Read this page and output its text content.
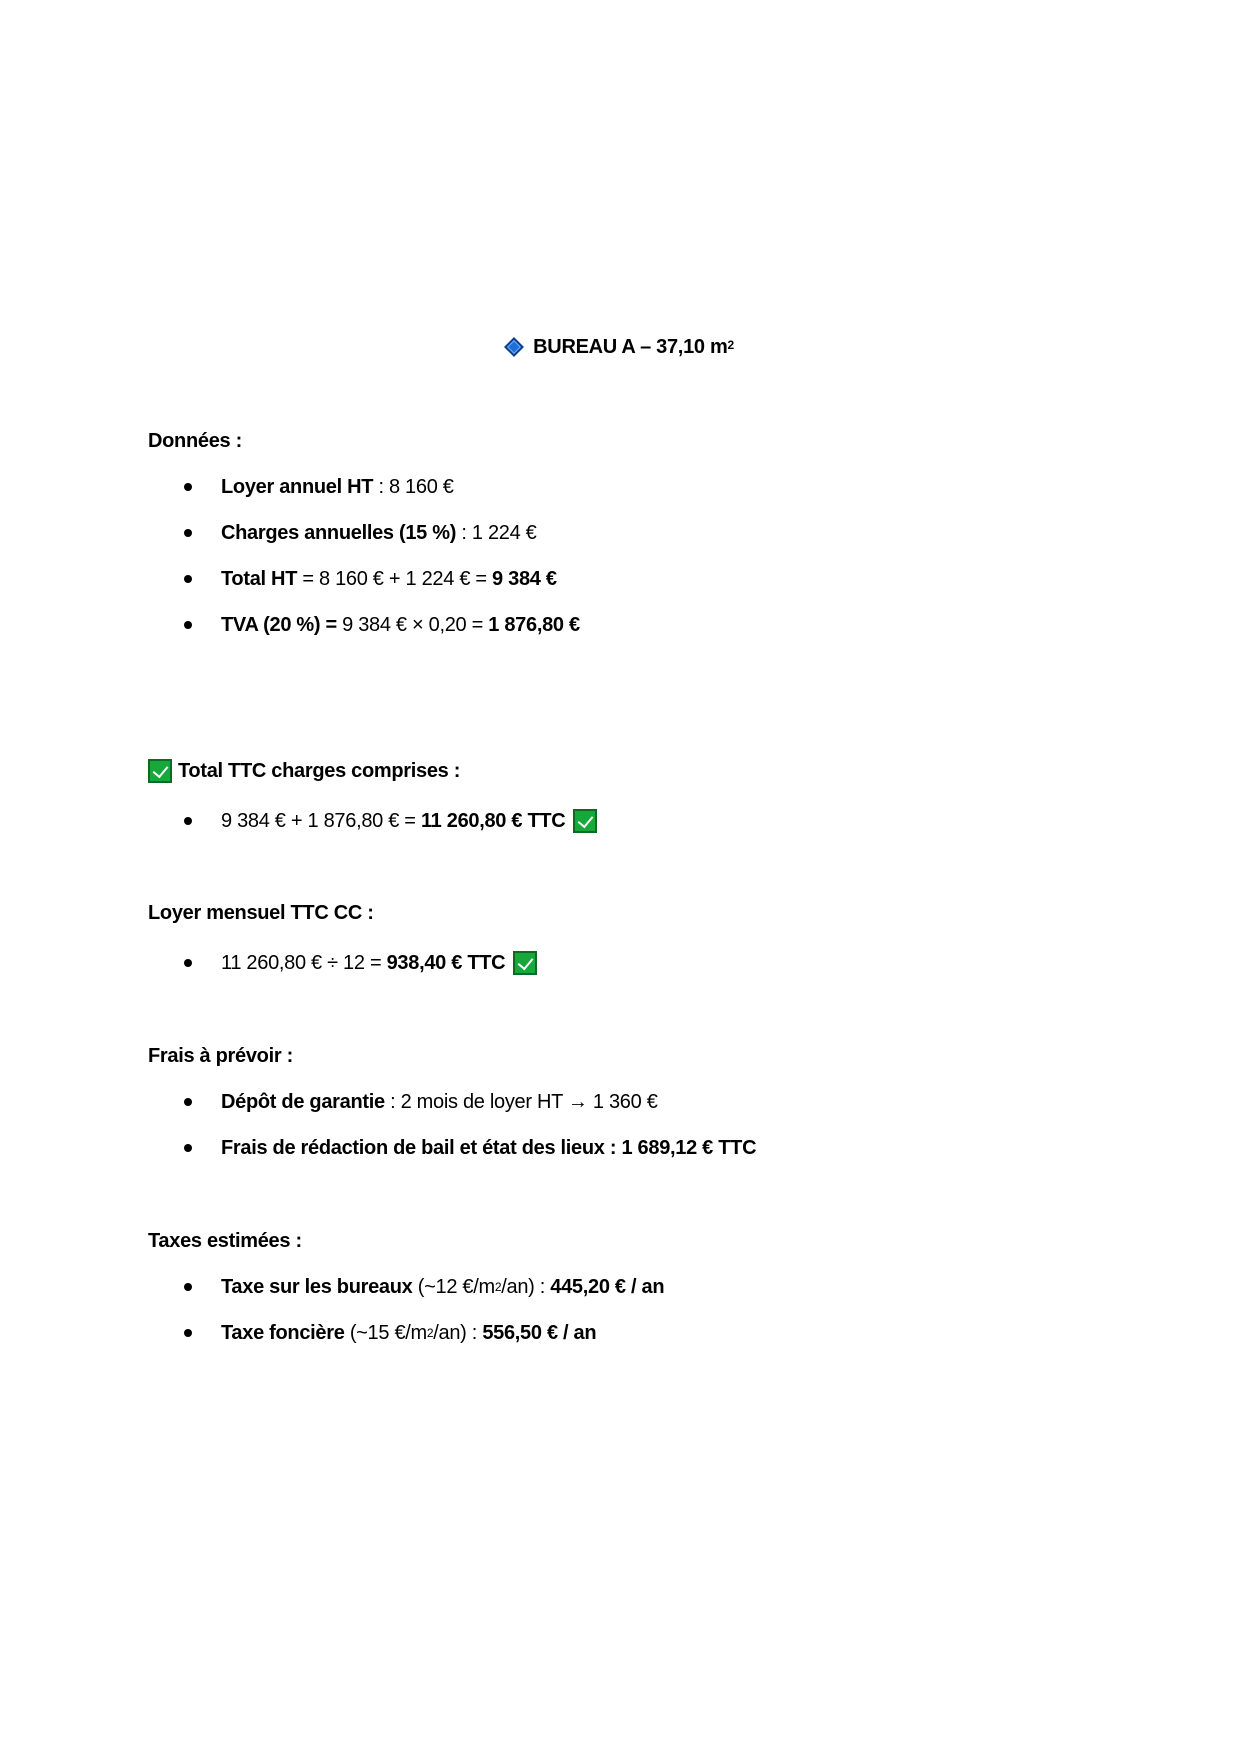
BUREAU A – 37,10 $m^2$
Données :
Loyer annuel HT : 8 160 €
Charges annuelles (15 %) : 1 224 €
Total HT = 8 160 € + 1 224 € = 9 384 €
TVA (20 %) = 9 384 € × 0,20 = 1 876,80 €
Total TTC charges comprises :
9 384 € + 1 876,80 € = 11 260,80 € TTC
Loyer mensuel TTC CC :
11 260,80 € ÷ 12 = 938,40 € TTC
Frais à prévoir :
Dépôt de garantie : 2 mois de loyer HT → 1 360 €
Frais de rédaction de bail et état des lieux : 1 689,12 € TTC
Taxes estimées :
Taxe sur les bureaux (~12 €/m 2 /an) : 445,20 € / an
Taxe foncière (~15 €/m 2 /an) : 556,50 € / an
